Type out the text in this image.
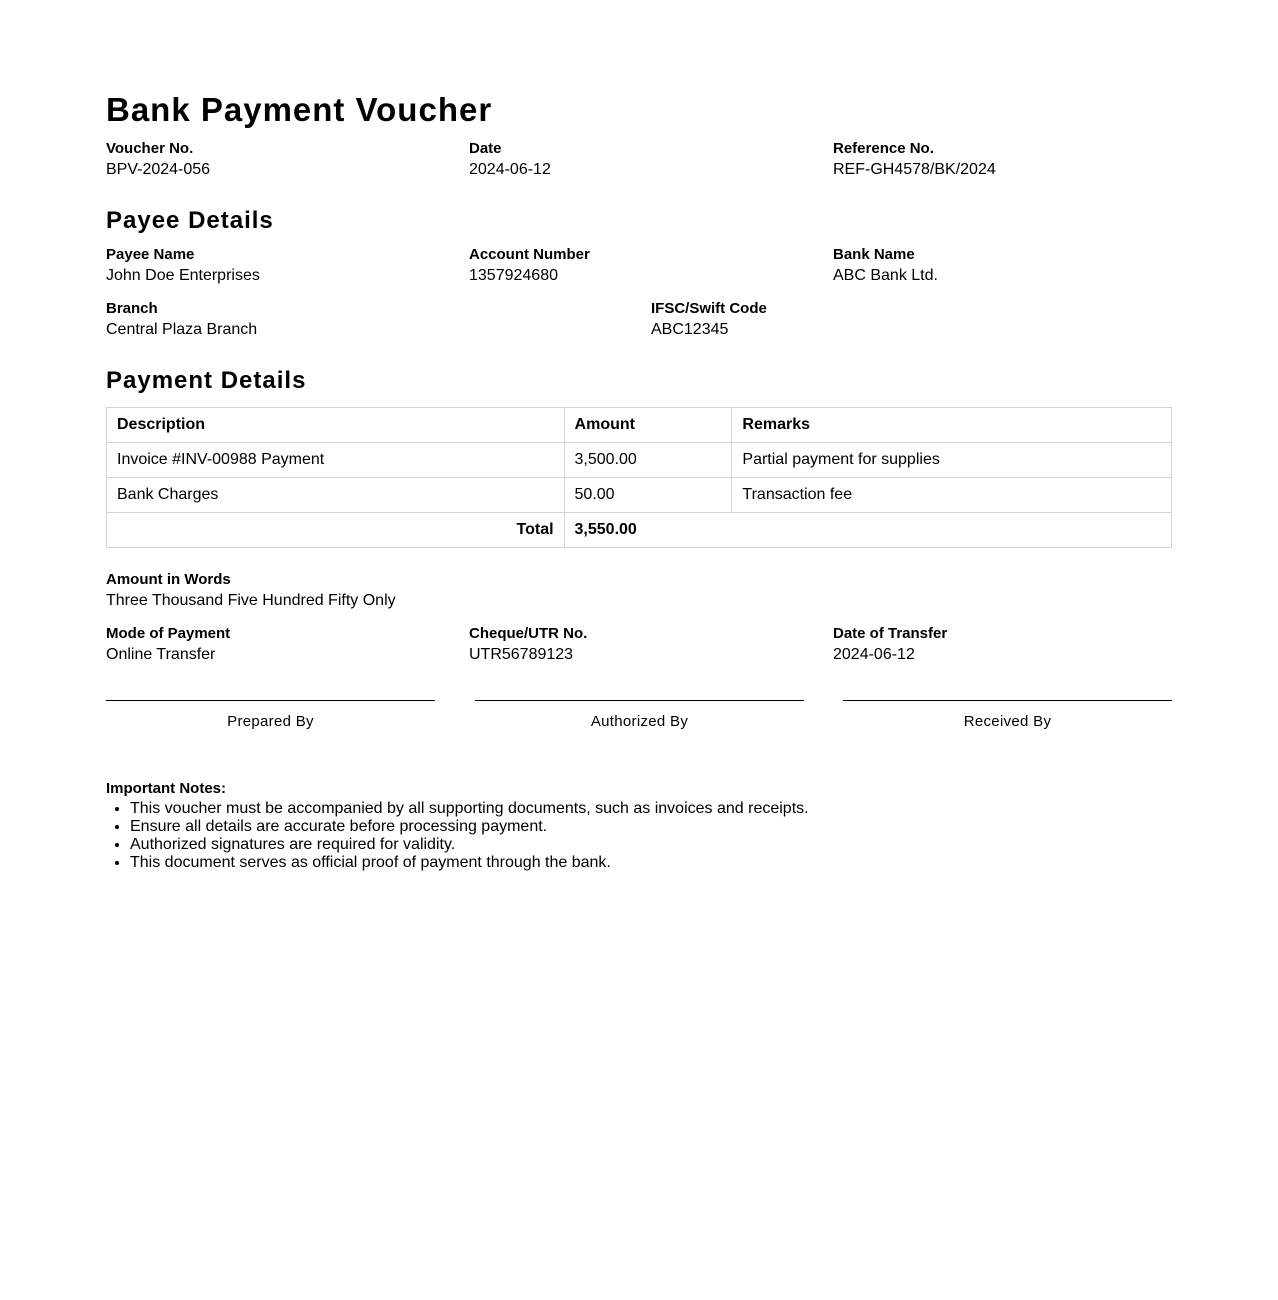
Bank Payment Voucher
Voucher No.
BPV-2024-056
Date
2024-06-12
Reference No.
REF-GH4578/BK/2024
Payee Details
Payee Name
John Doe Enterprises
Account Number
1357924680
Bank Name
ABC Bank Ltd.
Branch
Central Plaza Branch
IFSC/Swift Code
ABC12345
Payment Details
Description	Amount	Remarks
Invoice #INV-00988 Payment	3,500.00	Partial payment for supplies
Bank Charges	50.00	Transaction fee
Total	3,550.00	
Amount in Words
Three Thousand Five Hundred Fifty Only
Mode of Payment
Online Transfer
Cheque/UTR No.
UTR56789123
Date of Transfer
2024-06-12
Prepared By	Authorized By	Received By
Important Notes:
• This voucher must be accompanied by all supporting documents, such as invoices and receipts.
• Ensure all details are accurate before processing payment.
• Authorized signatures are required for validity.
• This document serves as official proof of payment through the bank.
